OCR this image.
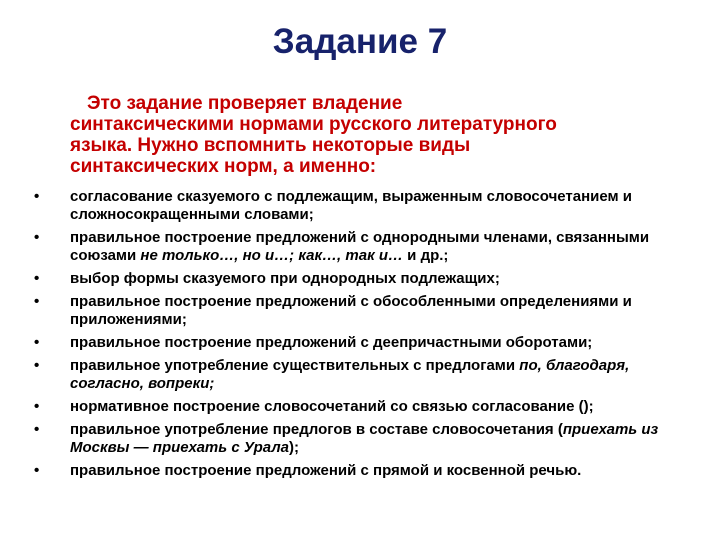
Задание 7

Это задание проверяет владение синтаксическими нормами русского литературного языка. Нужно вспомнить некоторые виды синтаксических норм, а именно:

• согласование сказуемого с подлежащим, выраженным словосочетанием и сложносокращенными словами;
• правильное построение предложений с однородными членами, связанными союзами не только…, но и…; как…, так и… и др.;
• выбор формы сказуемого при однородных подлежащих;
• правильное построение предложений с обособленными определениями и приложениями;
• правильное построение предложений с деепричастными оборотами;
• правильное употребление существительных с предлогами по, благодаря, согласно, вопреки;
• нормативное построение словосочетаний со связью согласование ();
• правильное употребление предлогов в составе словосочетания (приехать из Москвы — приехать с Урала);
• правильное построение предложений с прямой и косвенной речью.
